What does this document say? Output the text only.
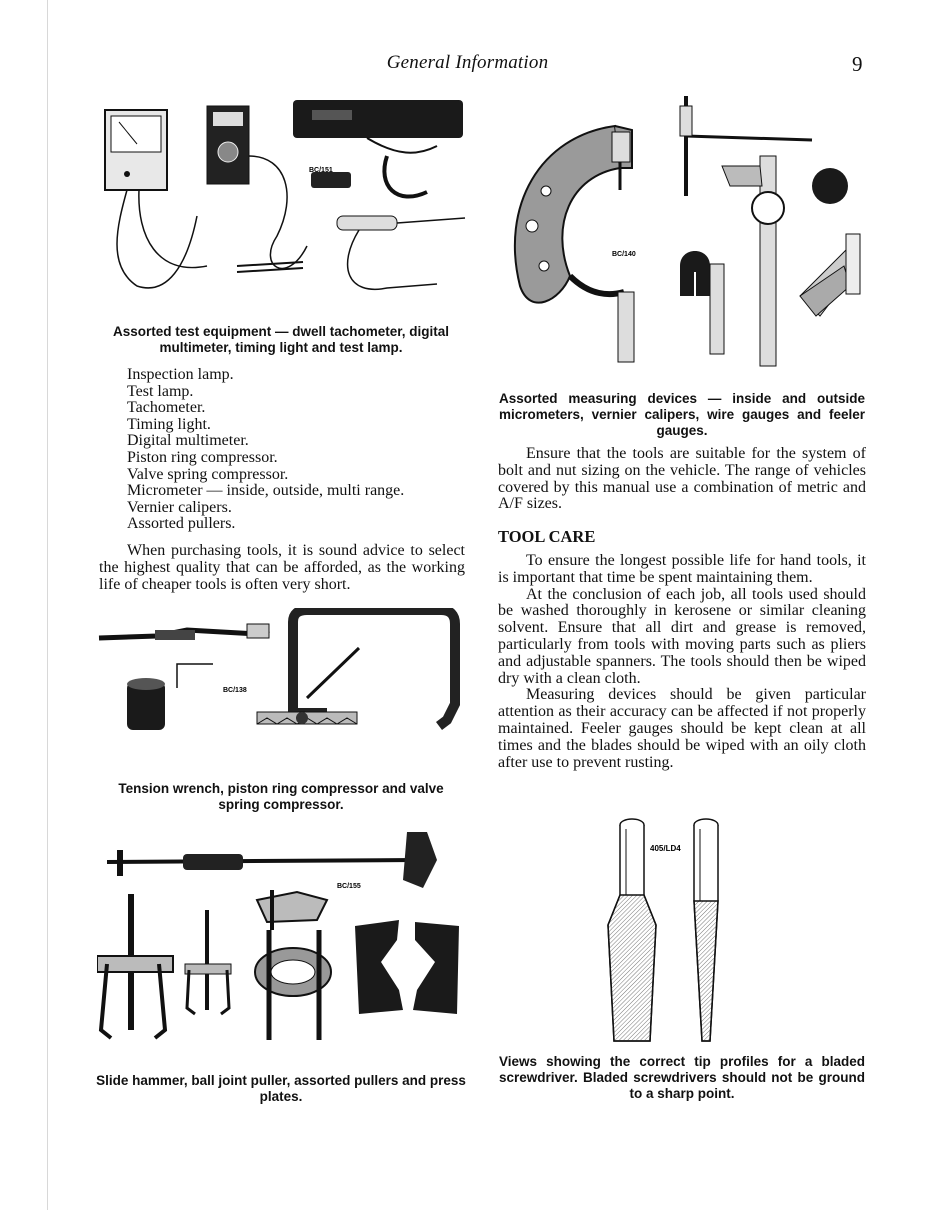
General Information	9
BC/151
Assorted test equipment — dwell tachometer, digital multimeter, timing light and test lamp.
Inspection lamp.
Test lamp.
Tachometer.
Timing light.
Digital multimeter.
Piston ring compressor.
Valve spring compressor.
Micrometer — inside, outside, multi range.
Vernier calipers.
Assorted pullers.

When purchasing tools, it is sound advice to select the highest quality that can be afforded, as the working life of cheaper tools is often very short.

BC/138
Tension wrench, piston ring compressor and valve spring compressor.
BC/155
Slide hammer, ball joint puller, assorted pullers and press plates.
BC/140
Assorted measuring devices — inside and outside micrometers, vernier calipers, wire gauges and feeler gauges.

Ensure that the tools are suitable for the system of bolt and nut sizing on the vehicle. The range of vehicles covered by this manual use a combination of metric and A/F sizes.

TOOL CARE

To ensure the longest possible life for hand tools, it is important that time be spent maintaining them.

At the conclusion of each job, all tools used should be washed thoroughly in kerosene or similar cleaning solvent. Ensure that all dirt and grease is removed, particularly from tools with moving parts such as pliers and adjustable spanners. The tools should then be wiped dry with a clean cloth.

Measuring devices should be given particular attention as their accuracy can be affected if not properly maintained. Feeler gauges should be kept clean at all times and the blades should be wiped with an oily cloth after use to prevent rusting.

405/LD4
Views showing the correct tip profiles for a bladed screwdriver. Bladed screwdrivers should not be ground to a sharp point.
